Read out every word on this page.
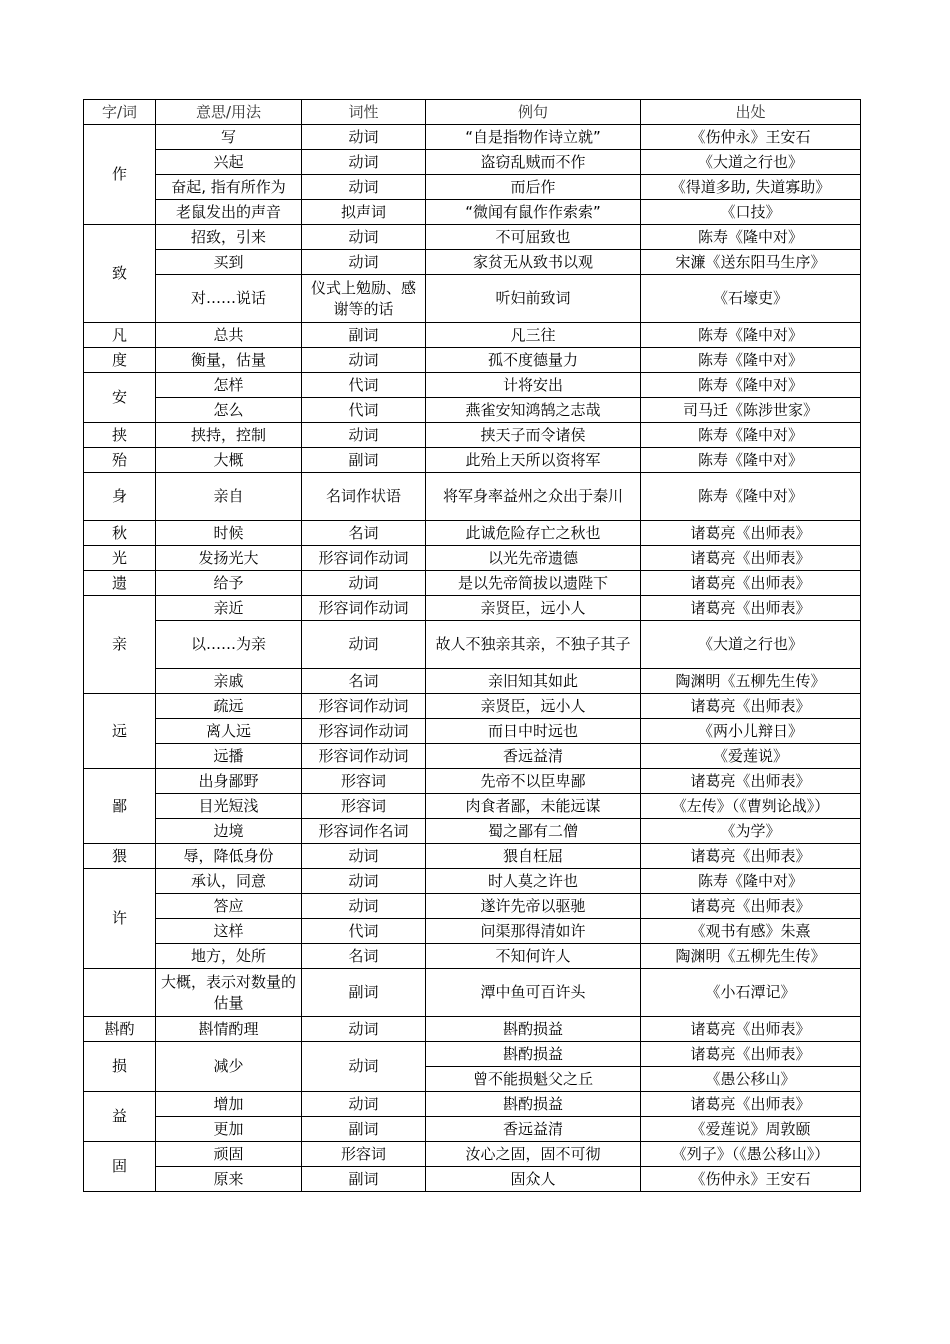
字/词	意思/用法	词性	例句	出处
作	写	动词	“自是指物作诗立就”	《伤仲永》王安石
	兴起	动词	盗窃乱贼而不作	《大道之行也》
	奋起, 指有所作为	动词	而后作	《得道多助, 失道寡助》
	老鼠发出的声音	拟声词	“微闻有鼠作作索索”	《口技》
致	招致，引来	动词	不可屈致也	陈寿《隆中对》
	买到	动词	家贫无从致书以观	宋濂《送东阳马生序》
	对……说话	仪式上勉励、感谢等的话	听妇前致词	《石壕吏》
凡	总共	副词	凡三往	陈寿《隆中对》
度	衡量，估量	动词	孤不度德量力	陈寿《隆中对》
安	怎样	代词	计将安出	陈寿《隆中对》
	怎么	代词	燕雀安知鸿鹄之志哉	司马迁《陈涉世家》
挟	挟持，控制	动词	挟天子而令诸侯	陈寿《隆中对》
殆	大概	副词	此殆上天所以资将军	陈寿《隆中对》
身	亲自	名词作状语	将军身率益州之众出于秦川	陈寿《隆中对》
秋	时候	名词	此诚危险存亡之秋也	诸葛亮《出师表》
光	发扬光大	形容词作动词	以光先帝遗德	诸葛亮《出师表》
遗	给予	动词	是以先帝简拔以遗陛下	诸葛亮《出师表》
亲	亲近	形容词作动词	亲贤臣，远小人	诸葛亮《出师表》
	以……为亲	动词	故人不独亲其亲，不独子其子	《大道之行也》
	亲戚	名词	亲旧知其如此	陶渊明《五柳先生传》
远	疏远	形容词作动词	亲贤臣，远小人	诸葛亮《出师表》
	离人远	形容词作动词	而日中时远也	《两小儿辩日》
	远播	形容词作动词	香远益清	《爱莲说》
鄙	出身鄙野	形容词	先帝不以臣卑鄙	诸葛亮《出师表》
	目光短浅	形容词	肉食者鄙，未能远谋	《左传》（《曹刿论战》）
	边境	形容词作名词	蜀之鄙有二僧	《为学》
猥	辱，降低身份	动词	猥自枉屈	诸葛亮《出师表》
许	承认，同意	动词	时人莫之许也	陈寿《隆中对》
	答应	动词	遂许先帝以驱驰	诸葛亮《出师表》
	这样	代词	问渠那得清如许	《观书有感》朱熹
	地方，处所	名词	不知何许人	陶渊明《五柳先生传》
	大概，表示对数量的估量	副词	潭中鱼可百许头	《小石潭记》
斟酌	斟情酌理	动词	斟酌损益	诸葛亮《出师表》
损	减少	动词	斟酌损益	诸葛亮《出师表》
			曾不能损魁父之丘	《愚公移山》
益	增加	动词	斟酌损益	诸葛亮《出师表》
	更加	副词	香远益清	《爱莲说》周敦颐
固	顽固	形容词	汝心之固，固不可彻	《列子》（《愚公移山》）
	原来	副词	固众人	《伤仲永》王安石
